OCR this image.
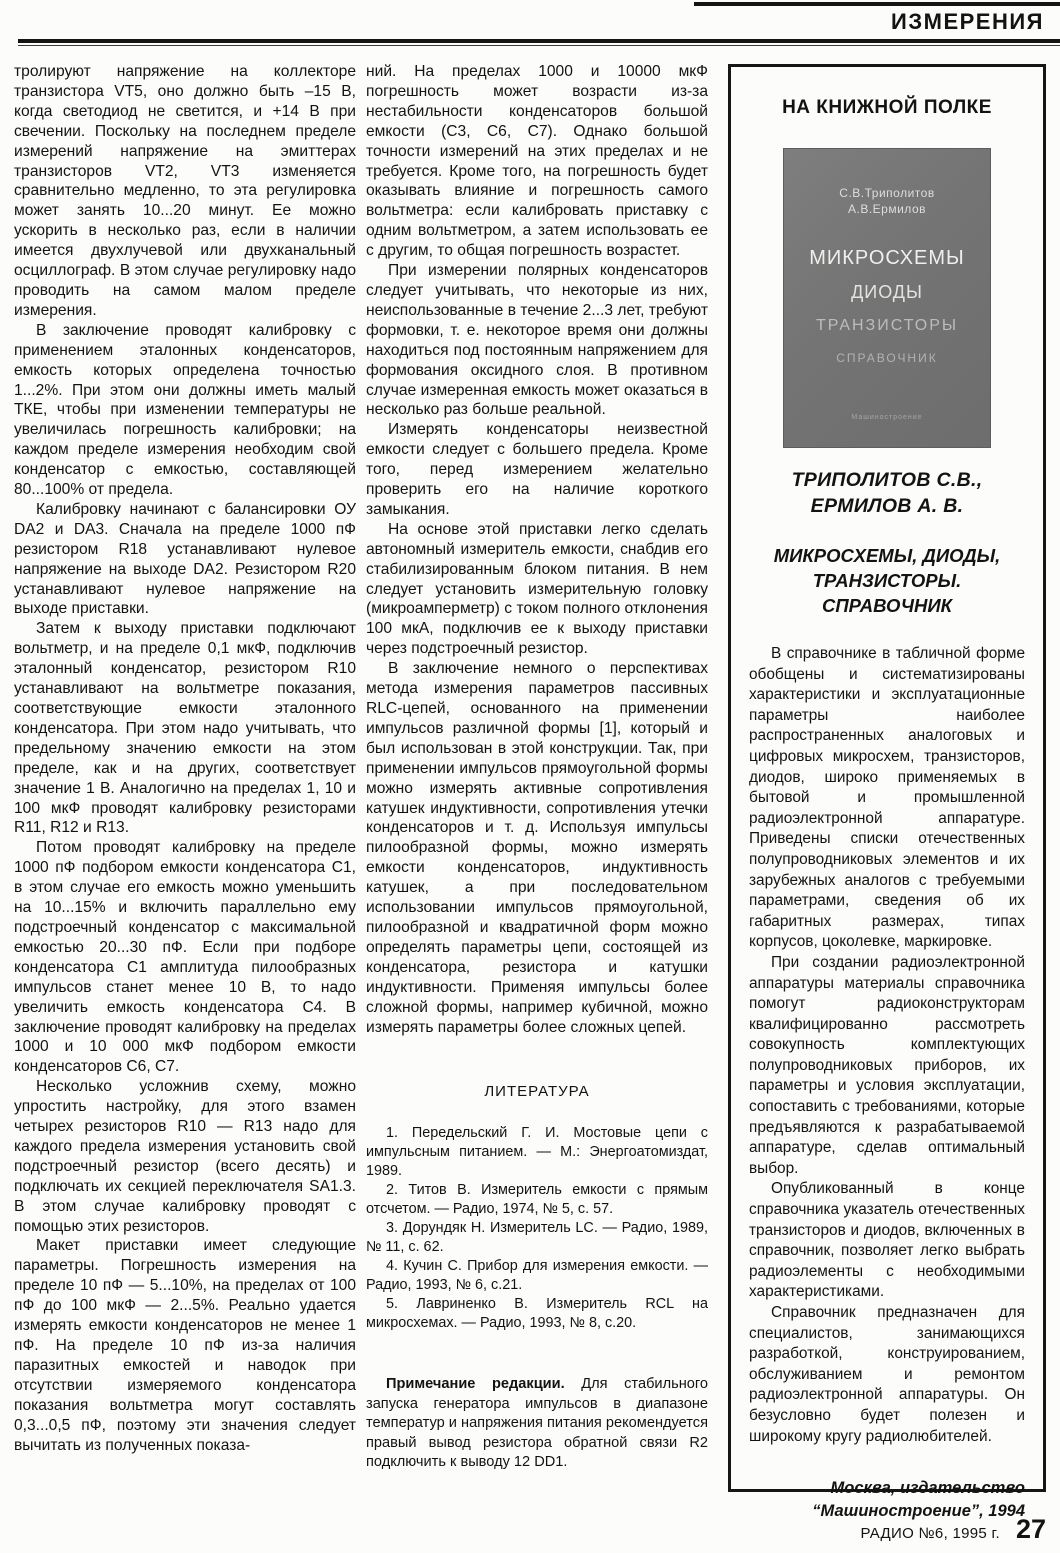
ИЗМЕРЕНИЯ

тролируют напряжение на коллекторе транзистора VT5, оно должно быть –15 В, когда светодиод не светится, и +14 В при свечении. Поскольку на последнем пределе измерений напряжение на эмиттерах транзисторов VT2, VT3 изменяется сравнительно медленно, то эта регулировка может занять 10...20 минут. Ее можно ускорить в несколько раз, если в наличии имеется двухлучевой или двухканальный осциллограф. В этом случае регулировку надо проводить на самом малом пределе измерения.

В заключение проводят калибровку с применением эталонных конденсаторов, емкость которых определена точностью 1...2%. При этом они должны иметь малый ТКЕ, чтобы при изменении температуры не увеличилась погрешность калибровки; на каждом пределе измерения необходим свой конденсатор с емкостью, составляющей 80...100% от предела.

Калибровку начинают с балансировки ОУ DA2 и DA3. Сначала на пределе 1000 пФ резистором R18 устанавливают нулевое напряжение на выходе DA2. Резистором R20 устанавливают нулевое напряжение на выходе приставки.

Затем к выходу приставки подключают вольтметр, и на пределе 0,1 мкФ, подключив эталонный конденсатор, резистором R10 устанавливают на вольтметре показания, соответствующие емкости эталонного конденсатора. При этом надо учитывать, что предельному значению емкости на этом пределе, как и на других, соответствует значение 1 В. Аналогично на пределах 1, 10 и 100 мкФ проводят калибровку резисторами R11, R12 и R13.

Потом проводят калибровку на пределе 1000 пФ подбором емкости конденсатора С1, в этом случае его емкость можно уменьшить на 10...15% и включить параллельно ему подстроечный конденсатор с максимальной емкостью 20...30 пФ. Если при подборе конденсатора С1 амплитуда пилообразных импульсов станет менее 10 В, то надо увеличить емкость конденсатора С4. В заключение проводят калибровку на пределах 1000 и 10 000 мкФ подбором емкости конденсаторов С6, С7.

Несколько усложнив схему, можно упростить настройку, для этого взамен четырех резисторов R10 — R13 надо для каждого предела измерения установить свой подстроечный резистор (всего десять) и подключать их секцией переключателя SA1.3. В этом случае калибровку проводят с помощью этих резисторов.

Макет приставки имеет следующие параметры. Погрешность измерения на пределе 10 пФ — 5...10%, на пределах от 100 пФ до 100 мкФ — 2...5%. Реально удается измерять емкости конденсаторов не менее 1 пФ. На пределе 10 пФ из-за наличия паразитных емкостей и наводок при отсутствии измеряемого конденсатора показания вольтметра могут составлять 0,3...0,5 пФ, поэтому эти значения следует вычитать из полученных показа-

ний. На пределах 1000 и 10000 мкФ погрешность может возрасти из-за нестабильности конденсаторов большой емкости (С3, С6, С7). Однако большой точности измерений на этих пределах и не требуется. Кроме того, на погрешность будет оказывать влияние и погрешность самого вольтметра: если калибровать приставку с одним вольтметром, а затем использовать ее с другим, то общая погрешность возрастет.

При измерении полярных конденсаторов следует учитывать, что некоторые из них, неиспользованные в течение 2...3 лет, требуют формовки, т. е. некоторое время они должны находиться под постоянным напряжением для формования оксидного слоя. В противном случае измеренная емкость может оказаться в несколько раз больше реальной.

Измерять конденсаторы неизвестной емкости следует с большего предела. Кроме того, перед измерением желательно проверить его на наличие короткого замыкания.

На основе этой приставки легко сделать автономный измеритель емкости, снабдив его стабилизированным блоком питания. В нем следует установить измерительную головку (микроамперметр) с током полного отклонения 100 мкА, подключив ее к выходу приставки через подстроечный резистор.

В заключение немного о перспективах метода измерения параметров пассивных RLC-цепей, основанного на применении импульсов различной формы [1], который и был использован в этой конструкции. Так, при применении импульсов прямоугольной формы можно измерять активные сопротивления катушек индуктивности, сопротивления утечки конденсаторов и т. д. Используя импульсы пилообразной формы, можно измерять емкости конденсаторов, индуктивность катушек, а при последовательном использовании импульсов прямоугольной, пилообразной и квадратичной форм можно определять параметры цепи, состоящей из конденсатора, резистора и катушки индуктивности. Применяя импульсы более сложной формы, например кубичной, можно измерять параметры более сложных цепей.

ЛИТЕРАТУРА

1. Передельский Г. И. Мостовые цепи с импульсным питанием. — М.: Энергоатомиздат, 1989.

2. Титов В. Измеритель емкости с прямым отсчетом. — Радио, 1974, № 5, с. 57.

3. Дорундяк Н. Измеритель LC. — Радио, 1989, № 11, с. 62.

4. Кучин С. Прибор для измерения емкости. — Радио, 1993, № 6, с.21.

5. Лавриненко В. Измеритель RCL на микросхемах. — Радио, 1993, № 8, с.20.

Примечание редакции. Для стабильного запуска генератора импульсов в диапазоне температур и напряжения питания рекомендуется правый вывод резистора обратной связи R2 подключить к выводу 12 DD1.

НА КНИЖНОЙ ПОЛКЕ
С.В.Триполитов
А.В.Ермилов
МИКРОСХЕМЫ
ДИОДЫ
ТРАНЗИСТОРЫ
СПРАВОЧНИК
Машиностроение
ТРИПОЛИТОВ С.В.,
ЕРМИЛОВ А. В.
МИКРОСХЕМЫ, ДИОДЫ,
ТРАНЗИСТОРЫ.
СПРАВОЧНИК

В справочнике в табличной форме обобщены и систематизированы характеристики и эксплуатационные параметры наиболее распространенных аналоговых и цифровых микросхем, транзисторов, диодов, широко применяемых в бытовой и промышленной радиоэлектронной аппаратуре. Приведены списки отечественных полупроводниковых элементов и их зарубежных аналогов с требуемыми параметрами, сведения об их габаритных размерах, типах корпусов, цоколевке, маркировке.

При создании радиоэлектронной аппаратуры материалы справочника помогут радиоконструкторам квалифицированно рассмотреть совокупность комплектующих полупроводниковых приборов, их параметры и условия эксплуатации, сопоставить с требованиями, которые предъявляются к разрабатываемой аппаратуре, сделав оптимальный выбор.

Опубликованный в конце справочника указатель отечественных транзисторов и диодов, включенных в справочник, позволяет легко выбрать радиоэлементы с необходимыми характеристиками.

Справочник предназначен для специалистов, занимающихся разработкой, конструированием, обслуживанием и ремонтом радиоэлектронной аппаратуры. Он безусловно будет полезен и широкому кругу радиолюбителей.

Москва, издательство
“Машиностроение”, 1994
РАДИО №6, 1995 г. 27
